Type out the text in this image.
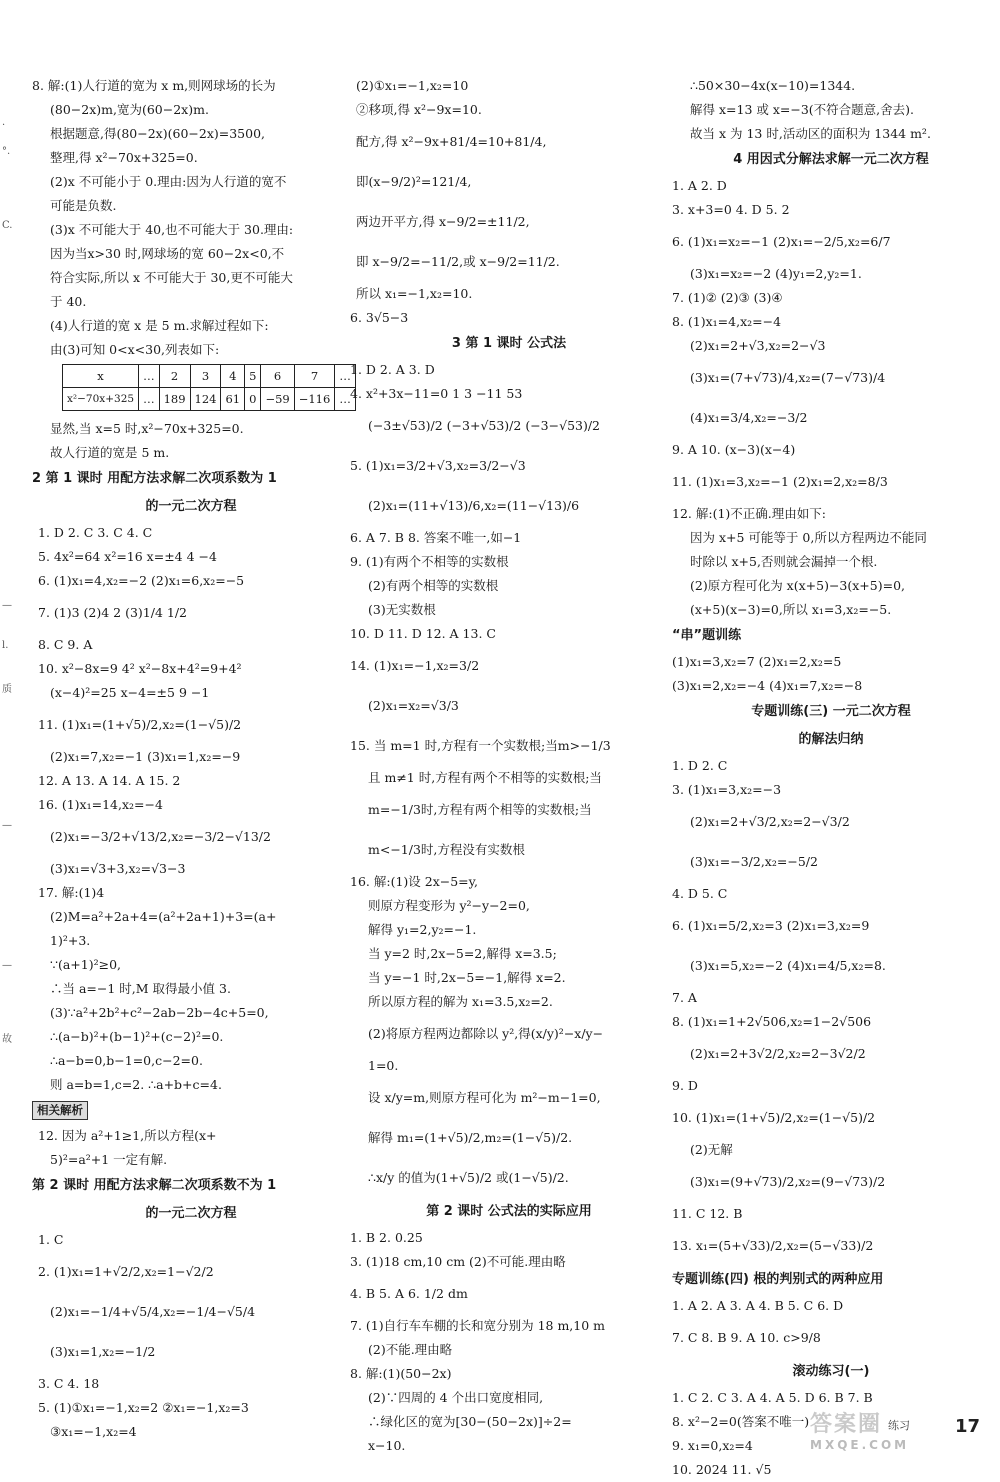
·
°.
C.
—
l.
质
—
—
故
8. 解:(1)人行道的宽为 x m,则网球场的长为
(80−2x)m,宽为(60−2x)m.
根据题意,得(80−2x)(60−2x)=3500,
整理,得 x²−70x+325=0.
(2)x 不可能小于 0.理由:因为人行道的宽不
可能是负数.
(3)x 不可能大于 40,也不可能大于 30.理由:
因为当x>30 时,网球场的宽 60−2x<0,不
符合实际,所以 x 不可能大于 30,更不可能大
于 40.
(4)人行道的宽 x 是 5 m.求解过程如下:
由(3)可知 0<x<30,列表如下:
x	…	2	3	4	5	6	7	…
x²−70x+325	…	189	124	61	0	−59	−116	…
显然,当 x=5 时,x²−70x+325=0.
故人行道的宽是 5 m.
2 第 1 课时 用配方法求解二次项系数为 1
的一元二次方程
1. D 2. C 3. C 4. C
5. 4x²=64 x²=16 x=±4 4 −4
6. (1)x₁=4,x₂=−2 (2)x₁=6,x₂=−5
7. (1)3 (2)4 2 (3)1/4 1/2
8. C 9. A
10. x²−8x=9 4² x²−8x+4²=9+4²
(x−4)²=25 x−4=±5 9 −1
11. (1)x₁=(1+√5)/2,x₂=(1−√5)/2
(2)x₁=7,x₂=−1 (3)x₁=1,x₂=−9
12. A 13. A 14. A 15. 2
16. (1)x₁=14,x₂=−4
(2)x₁=−3/2+√13/2,x₂=−3/2−√13/2
(3)x₁=√3+3,x₂=√3−3
17. 解:(1)4
(2)M=a²+2a+4=(a²+2a+1)+3=(a+
1)²+3.
∵(a+1)²≥0,
∴当 a=−1 时,M 取得最小值 3.
(3)∵a²+2b²+c²−2ab−2b−4c+5=0,
∴(a−b)²+(b−1)²+(c−2)²=0.
∴a−b=0,b−1=0,c−2=0.
则 a=b=1,c=2. ∴a+b+c=4.
相关解析
12. 因为 a²+1≥1,所以方程(x+
5)²=a²+1 一定有解.
第 2 课时 用配方法求解二次项系数不为 1
的一元二次方程
1. C
2. (1)x₁=1+√2/2,x₂=1−√2/2
(2)x₁=−1/4+√5/4,x₂=−1/4−√5/4
(3)x₁=1,x₂=−1/2
3. C 4. 18
5. (1)①x₁=−1,x₂=2 ②x₁=−1,x₂=3
③x₁=−1,x₂=4
(2)①x₁=−1,x₂=10
②移项,得 x²−9x=10.
配方,得 x²−9x+81/4=10+81/4,
即(x−9/2)²=121/4,
两边开平方,得 x−9/2=±11/2,
即 x−9/2=−11/2,或 x−9/2=11/2.
所以 x₁=−1,x₂=10.
6. 3√5−3
3 第 1 课时 公式法
1. D 2. A 3. D
4. x²+3x−11=0 1 3 −11 53
(−3±√53)/2 (−3+√53)/2 (−3−√53)/2
5. (1)x₁=3/2+√3,x₂=3/2−√3
(2)x₁=(11+√13)/6,x₂=(11−√13)/6
6. A 7. B 8. 答案不唯一,如−1
9. (1)有两个不相等的实数根
(2)有两个相等的实数根
(3)无实数根
10. D 11. D 12. A 13. C
14. (1)x₁=−1,x₂=3/2
(2)x₁=x₂=√3/3
15. 当 m=1 时,方程有一个实数根;当m>−1/3
且 m≠1 时,方程有两个不相等的实数根;当
m=−1/3时,方程有两个相等的实数根;当
m<−1/3时,方程没有实数根
16. 解:(1)设 2x−5=y,
则原方程变形为 y²−y−2=0,
解得 y₁=2,y₂=−1.
当 y=2 时,2x−5=2,解得 x=3.5;
当 y=−1 时,2x−5=−1,解得 x=2.
所以原方程的解为 x₁=3.5,x₂=2.
(2)将原方程两边都除以 y²,得(x/y)²−x/y−
1=0.
设 x/y=m,则原方程可化为 m²−m−1=0,
解得 m₁=(1+√5)/2,m₂=(1−√5)/2.
∴x/y 的值为(1+√5)/2 或(1−√5)/2.
第 2 课时 公式法的实际应用
1. B 2. 0.25
3. (1)18 cm,10 cm (2)不可能.理由略
4. B 5. A 6. 1/2 dm
7. (1)自行车车棚的长和宽分别为 18 m,10 m
(2)不能.理由略
8. 解:(1)(50−2x)
(2)∵四周的 4 个出口宽度相同,
∴绿化区的宽为[30−(50−2x)]÷2=
x−10.
∴50×30−4x(x−10)=1344.
解得 x=13 或 x=−3(不符合题意,舍去).
故当 x 为 13 时,活动区的面积为 1344 m².
4 用因式分解法求解一元二次方程
1. A 2. D
3. x+3=0 4. D 5. 2
6. (1)x₁=x₂=−1 (2)x₁=−2/5,x₂=6/7
(3)x₁=x₂=−2 (4)y₁=2,y₂=1.
7. (1)② (2)③ (3)④
8. (1)x₁=4,x₂=−4
(2)x₁=2+√3,x₂=2−√3
(3)x₁=(7+√73)/4,x₂=(7−√73)/4
(4)x₁=3/4,x₂=−3/2
9. A 10. (x−3)(x−4)
11. (1)x₁=3,x₂=−1 (2)x₁=2,x₂=8/3
12. 解:(1)不正确.理由如下:
因为 x+5 可能等于 0,所以方程两边不能同
时除以 x+5,否则就会漏掉一个根.
(2)原方程可化为 x(x+5)−3(x+5)=0,
(x+5)(x−3)=0,所以 x₁=3,x₂=−5.
“串”题训练
(1)x₁=3,x₂=7 (2)x₁=2,x₂=5
(3)x₁=2,x₂=−4 (4)x₁=7,x₂=−8
专题训练(三) 一元二次方程
的解法归纳
1. D 2. C
3. (1)x₁=3,x₂=−3
(2)x₁=2+√3/2,x₂=2−√3/2
(3)x₁=−3/2,x₂=−5/2
4. D 5. C
6. (1)x₁=5/2,x₂=3 (2)x₁=3,x₂=9
(3)x₁=5,x₂=−2 (4)x₁=4/5,x₂=8.
7. A
8. (1)x₁=1+2√506,x₂=1−2√506
(2)x₁=2+3√2/2,x₂=2−3√2/2
9. D
10. (1)x₁=(1+√5)/2,x₂=(1−√5)/2
(2)无解
(3)x₁=(9+√73)/2,x₂=(9−√73)/2
11. C 12. B
13. x₁=(5+√33)/2,x₂=(5−√33)/2
专题训练(四) 根的判别式的两种应用
1. A 2. A 3. A 4. B 5. C 6. D
7. C 8. B 9. A 10. c>9/8
滚动练习(一)
1. C 2. C 3. A 4. A 5. D 6. B 7. B
8. x²−2=0(答案不唯一)
9. x₁=0,x₂=4
10. 2024 11. √5
答案圈
MXQE.COM
练习 17
